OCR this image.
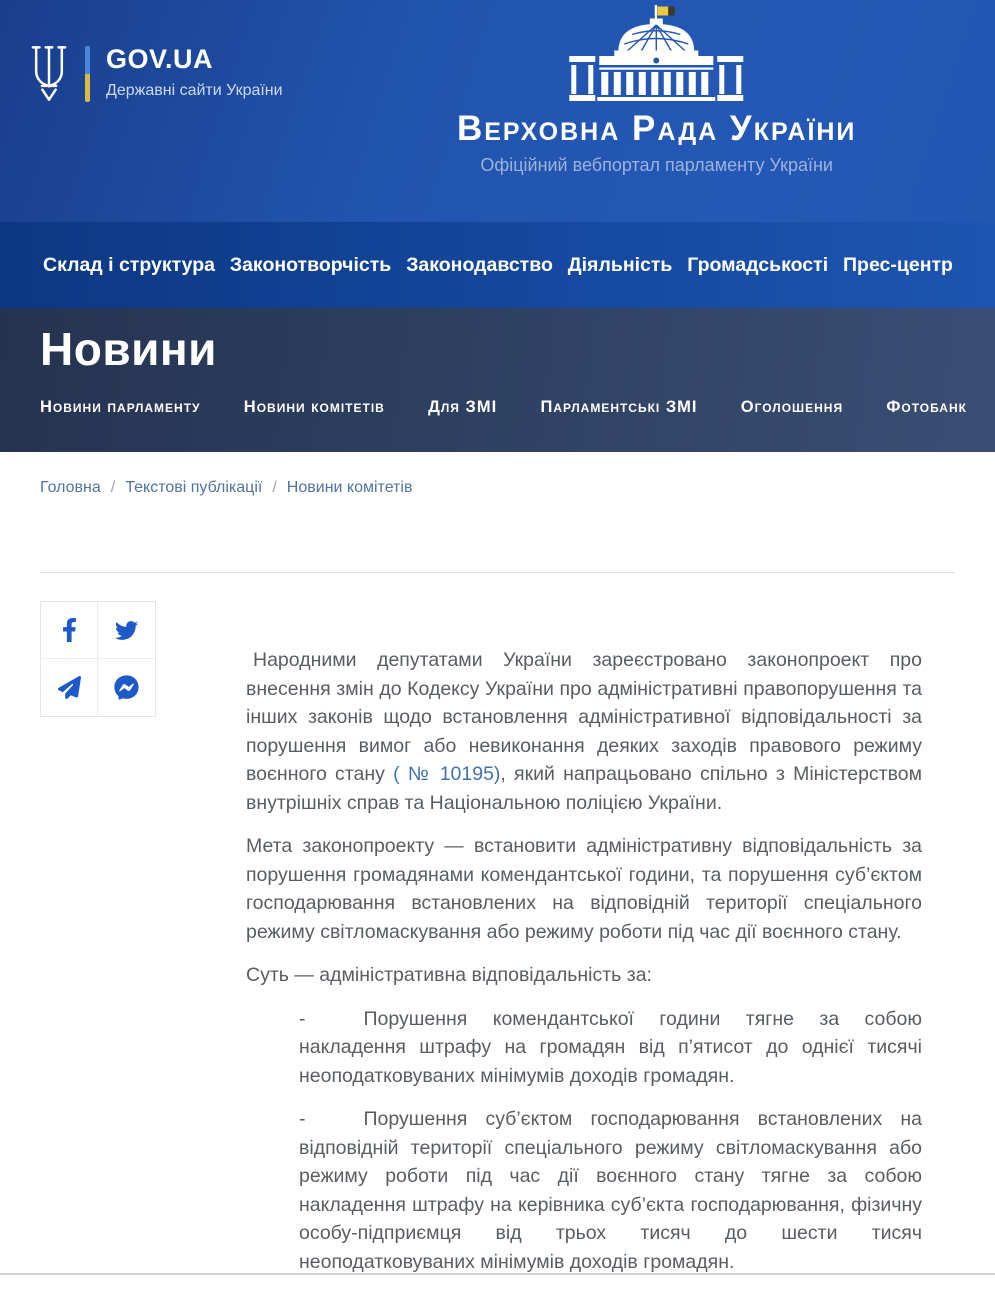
GOV.UA
Державні сайти України
Верховна Рада України
Офіційний вебпортал парламенту України
Склад і структура Законотворчість Законодавство Діяльність Громадськості Прес-центр
Новини
Новини парламенту	Новини комітетів	Для ЗМІ	Парламентські ЗМІ	Оголошення	Фотобанк
Головна / Текстові публікації / Новини комітетів

Народними депутатами України зареєстровано законопроект про внесення змін до Кодексу України про адміністративні правопорушення та інших законів щодо встановлення адміністративної відповідальності за порушення вимог або невиконання деяких заходів правового режиму воєнного стану ( № 10195), який напрацьовано спільно з Міністерством внутрішніх справ та Національною поліцією України.

Мета законопроекту — встановити адміністративну відповідальність за порушення громадянами комендантської години, та порушення суб’єктом господарювання встановлених на відповідній території спеціального режиму світломаскування або режиму роботи під час дії воєнного стану.

Суть — адміністративна відповідальність за:

-	Порушення комендантської години тягне за собою накладення штрафу на громадян від п’ятисот до однієї тисячі неоподатковуваних мінімумів доходів громадян.

-	Порушення суб’єктом господарювання встановлених на відповідній території спеціального режиму світломаскування або режиму роботи під час дії воєнного стану тягне за собою накладення штрафу на керівника суб’єкта господарювання, фізичну особу-підприємця від трьох тисяч до шести тисяч неоподатковуваних мінімумів доходів громадян.
